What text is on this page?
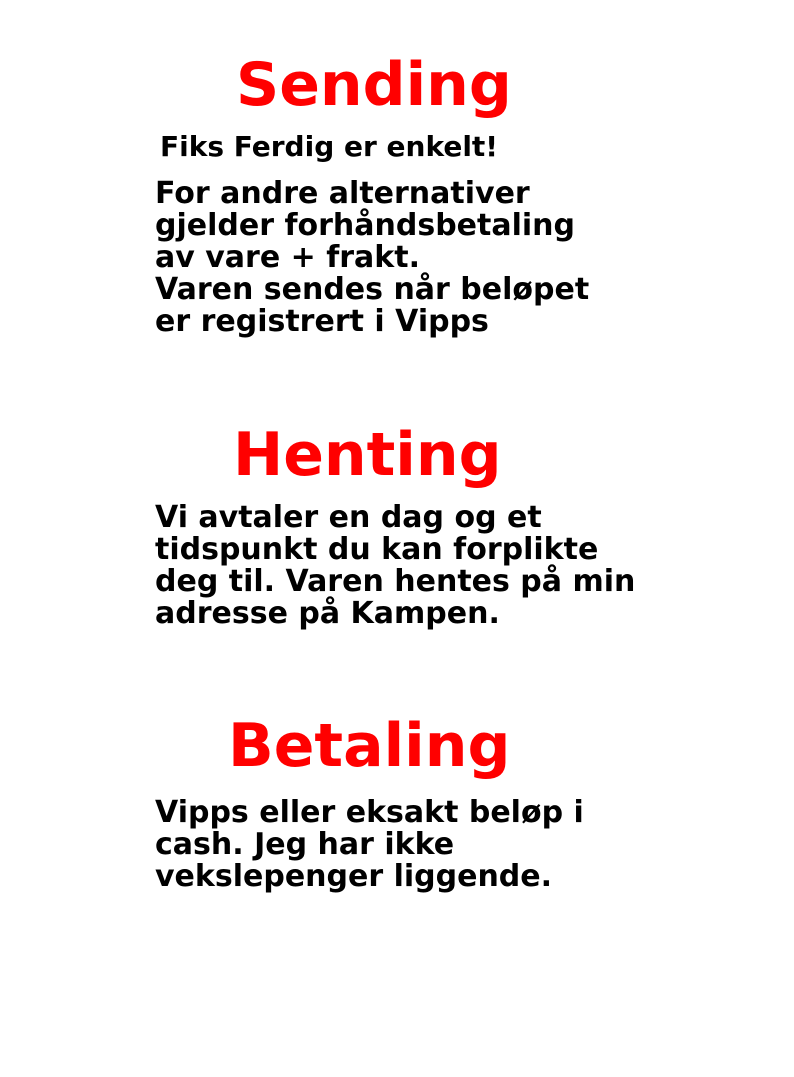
Sending

Fiks Ferdig er enkelt!

For andre alternativer
gjelder forhåndsbetaling
av vare + frakt.
Varen sendes når beløpet
er registrert i Vipps
Henting
Vi avtaler en dag og et
tidspunkt du kan forplikte
deg til. Varen hentes på min
adresse på Kampen.
Betaling
Vipps eller eksakt beløp i
cash. Jeg har ikke
vekslepenger liggende.
